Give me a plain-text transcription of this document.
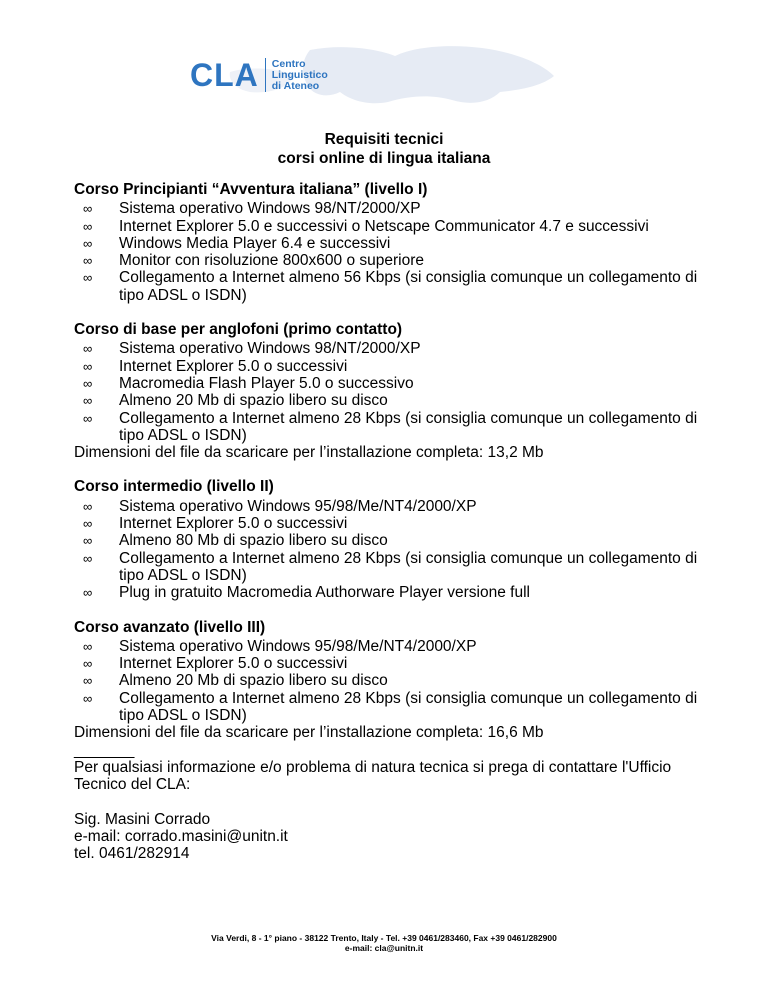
CLA Centro
Linguistico
di Ateneo
Requisiti tecnici
corsi online di lingua italiana

Corso Principianti “Avventura italiana” (livello I)

∞ Sistema operativo Windows 98/NT/2000/XP
∞ Internet Explorer 5.0 e successivi o Netscape Communicator 4.7 e successivi
∞ Windows Media Player 6.4 e successivi
∞ Monitor con risoluzione 800x600 o superiore
∞ Collegamento a Internet almeno 56 Kbps (si consiglia comunque un collegamento di tipo ADSL o ISDN)

Corso di base per anglofoni (primo contatto)

∞ Sistema operativo Windows 98/NT/2000/XP
∞ Internet Explorer 5.0 o successivi
∞ Macromedia Flash Player 5.0 o successivo
∞ Almeno 20 Mb di spazio libero su disco
∞ Collegamento a Internet almeno 28 Kbps (si consiglia comunque un collegamento di tipo ADSL o ISDN)

Dimensioni del file da scaricare per l’installazione completa: 13,2 Mb

Corso intermedio (livello II)

∞ Sistema operativo Windows 95/98/Me/NT4/2000/XP
∞ Internet Explorer 5.0 o successivi
∞ Almeno 80 Mb di spazio libero su disco
∞ Collegamento a Internet almeno 28 Kbps (si consiglia comunque un collegamento di tipo ADSL o ISDN)
∞ Plug in gratuito Macromedia Authorware Player versione full

Corso avanzato (livello III)

∞ Sistema operativo Windows 95/98/Me/NT4/2000/XP
∞ Internet Explorer 5.0 o successivi
∞ Almeno 20 Mb di spazio libero su disco
∞ Collegamento a Internet almeno 28 Kbps (si consiglia comunque un collegamento di tipo ADSL o ISDN)

Dimensioni del file da scaricare per l’installazione completa: 16,6 Mb

_______

Per qualsiasi informazione e/o problema di natura tecnica si prega di contattare l'Ufficio Tecnico del CLA:

Sig. Masini Corrado

e-mail: corrado.masini@unitn.it

tel. 0461/282914

Via Verdi, 8 - 1° piano - 38122 Trento, Italy - Tel. +39 0461/283460, Fax +39 0461/282900
e-mail: cla@unitn.it
